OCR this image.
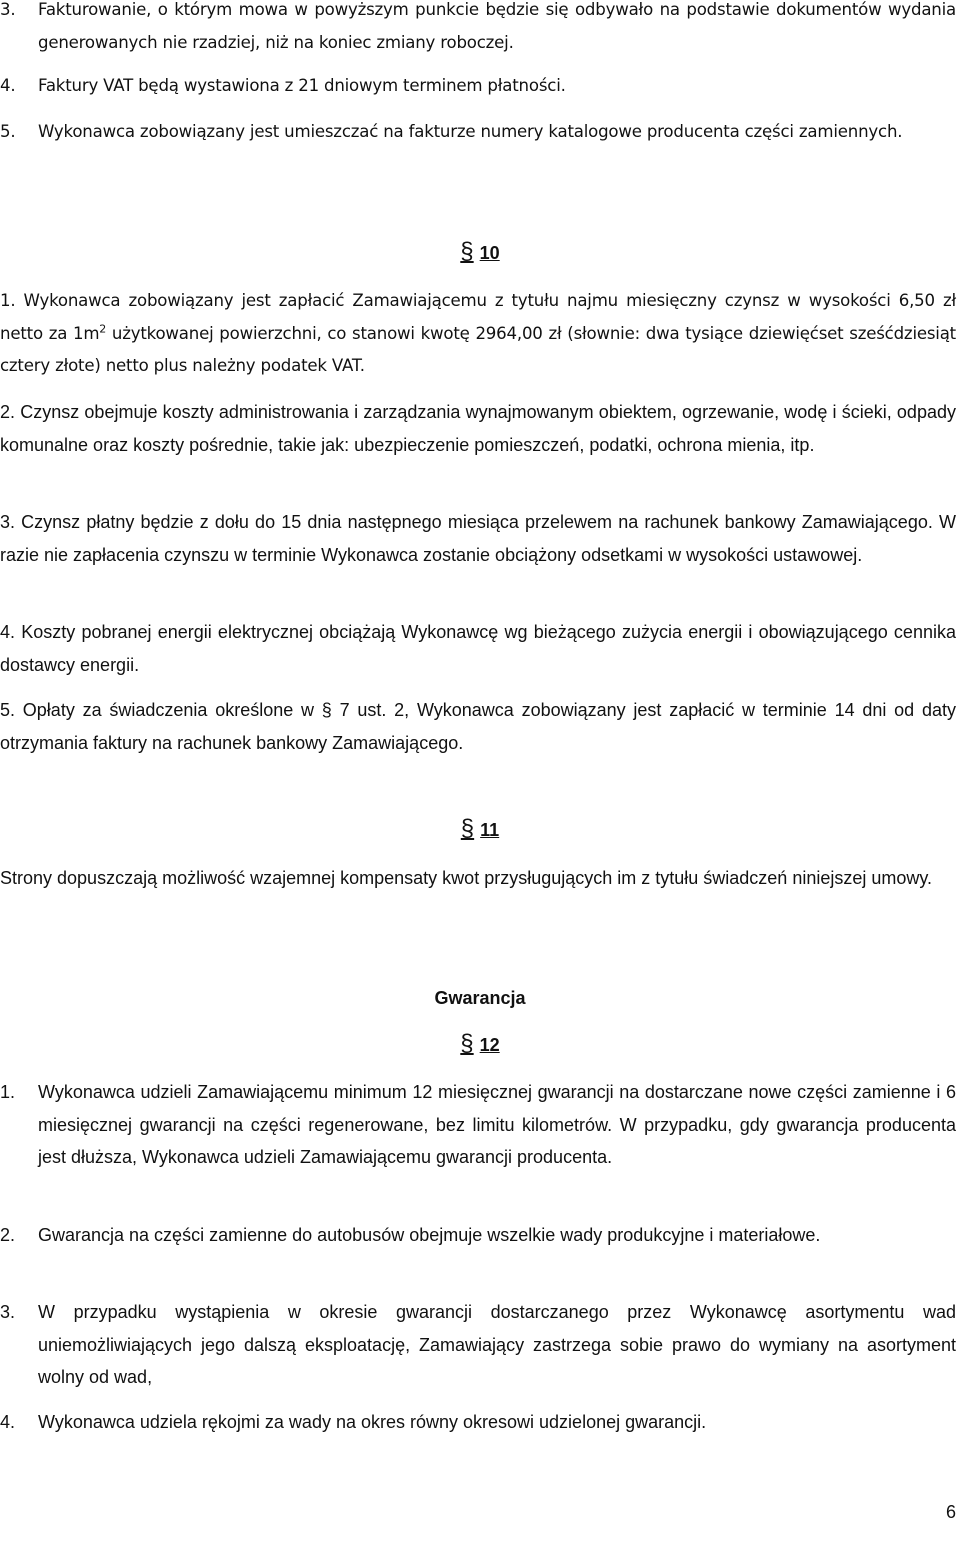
3. Fakturowanie, o którym mowa w powyższym punkcie będzie się odbywało na podstawie dokumentów wydania generowanych nie rzadziej, niż na koniec zmiany roboczej.
4. Faktury VAT będą wystawiona z 21 dniowym terminem płatności.
5. Wykonawca zobowiązany jest umieszczać na fakturze numery katalogowe producenta części zamiennych.
§ 10
1. Wykonawca zobowiązany jest zapłacić Zamawiającemu z tytułu najmu miesięczny czynsz w wysokości 6,50 zł netto za $1m^2$ użytkowanej powierzchni, co stanowi kwotę 2964,00 zł (słownie: dwa tysiące dziewięćset sześćdziesiąt cztery złote) netto plus należny podatek VAT.
2. Czynsz obejmuje koszty administrowania i zarządzania wynajmowanym obiektem, ogrzewanie, wodę i ścieki, odpady komunalne oraz koszty pośrednie, takie jak: ubezpieczenie pomieszczeń, podatki, ochrona mienia, itp.
3. Czynsz płatny będzie z dołu do 15 dnia następnego miesiąca przelewem na rachunek bankowy Zamawiającego. W razie nie zapłacenia czynszu w terminie Wykonawca zostanie obciążony odsetkami w wysokości ustawowej.
4. Koszty pobranej energii elektrycznej obciążają Wykonawcę wg bieżącego zużycia energii i obowiązującego cennika dostawcy energii.
5. Opłaty za świadczenia określone w § 7 ust. 2, Wykonawca zobowiązany jest zapłacić w terminie 14 dni od daty otrzymania faktury na rachunek bankowy Zamawiającego.
§ 11
Strony dopuszczają możliwość wzajemnej kompensaty kwot przysługujących im z tytułu świadczeń niniejszej umowy.
Gwarancja
§ 12
1. Wykonawca udzieli Zamawiającemu minimum 12 miesięcznej gwarancji na dostarczane nowe części zamienne i 6 miesięcznej gwarancji na części regenerowane, bez limitu kilometrów. W przypadku, gdy gwarancja producenta jest dłuższa, Wykonawca udzieli Zamawiającemu gwarancji producenta.
2. Gwarancja na części zamienne do autobusów obejmuje wszelkie wady produkcyjne i materiałowe.
3. W przypadku wystąpienia w okresie gwarancji dostarczanego przez Wykonawcę asortymentu wad uniemożliwiających jego dalszą eksploatację, Zamawiający zastrzega sobie prawo do wymiany na asortyment wolny od wad,
4. Wykonawca udziela rękojmi za wady na okres równy okresowi udzielonej gwarancji.
6
